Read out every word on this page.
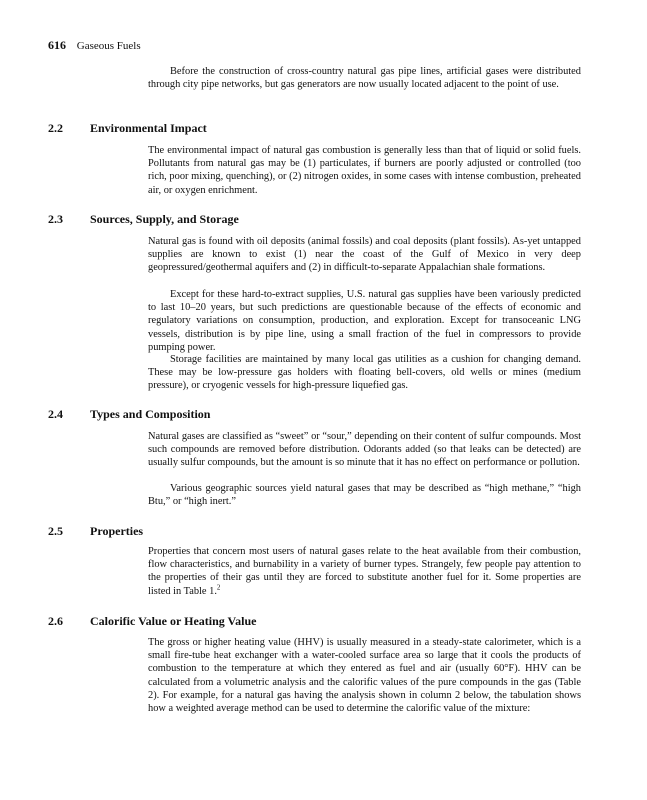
616 Gaseous Fuels

Before the construction of cross-country natural gas pipe lines, artificial gases were distributed through city pipe networks, but gas generators are now usually located adjacent to the point of use.

2.2 Environmental Impact

The environmental impact of natural gas combustion is generally less than that of liquid or solid fuels. Pollutants from natural gas may be (1) particulates, if burners are poorly adjusted or controlled (too rich, poor mixing, quenching), or (2) nitrogen oxides, in some cases with intense combustion, preheated air, or oxygen enrichment.

2.3 Sources, Supply, and Storage

Natural gas is found with oil deposits (animal fossils) and coal deposits (plant fossils). As-yet untapped supplies are known to exist (1) near the coast of the Gulf of Mexico in very deep geopressured/geothermal aquifers and (2) in difficult-to-separate Appalachian shale formations.

Except for these hard-to-extract supplies, U.S. natural gas supplies have been variously predicted to last 10–20 years, but such predictions are questionable because of the effects of economic and regulatory variations on consumption, production, and exploration. Except for transoceanic LNG vessels, distribution is by pipe line, using a small fraction of the fuel in compressors to provide pumping power.

Storage facilities are maintained by many local gas utilities as a cushion for changing demand. These may be low-pressure gas holders with floating bell-covers, old wells or mines (medium pressure), or cryogenic vessels for high-pressure liquefied gas.

2.4 Types and Composition

Natural gases are classified as “sweet” or “sour,” depending on their content of sulfur compounds. Most such compounds are removed before distribution. Odorants added (so that leaks can be detected) are usually sulfur compounds, but the amount is so minute that it has no effect on performance or pollution.

Various geographic sources yield natural gases that may be described as “high methane,” “high Btu,” or “high inert.”

2.5 Properties

Properties that concern most users of natural gases relate to the heat available from their combustion, flow characteristics, and burnability in a variety of burner types. Strangely, few people pay attention to the properties of their gas until they are forced to substitute another fuel for it. Some properties are listed in Table 1.$^2$

2.6 Calorific Value or Heating Value

The gross or higher heating value (HHV) is usually measured in a steady-state calorimeter, which is a small fire-tube heat exchanger with a water-cooled surface area so large that it cools the products of combustion to the temperature at which they entered as fuel and air (usually 60°F). HHV can be calculated from a volumetric analysis and the calorific values of the pure compounds in the gas (Table 2). For example, for a natural gas having the analysis shown in column 2 below, the tabulation shows how a weighted average method can be used to determine the calorific value of the mixture:
